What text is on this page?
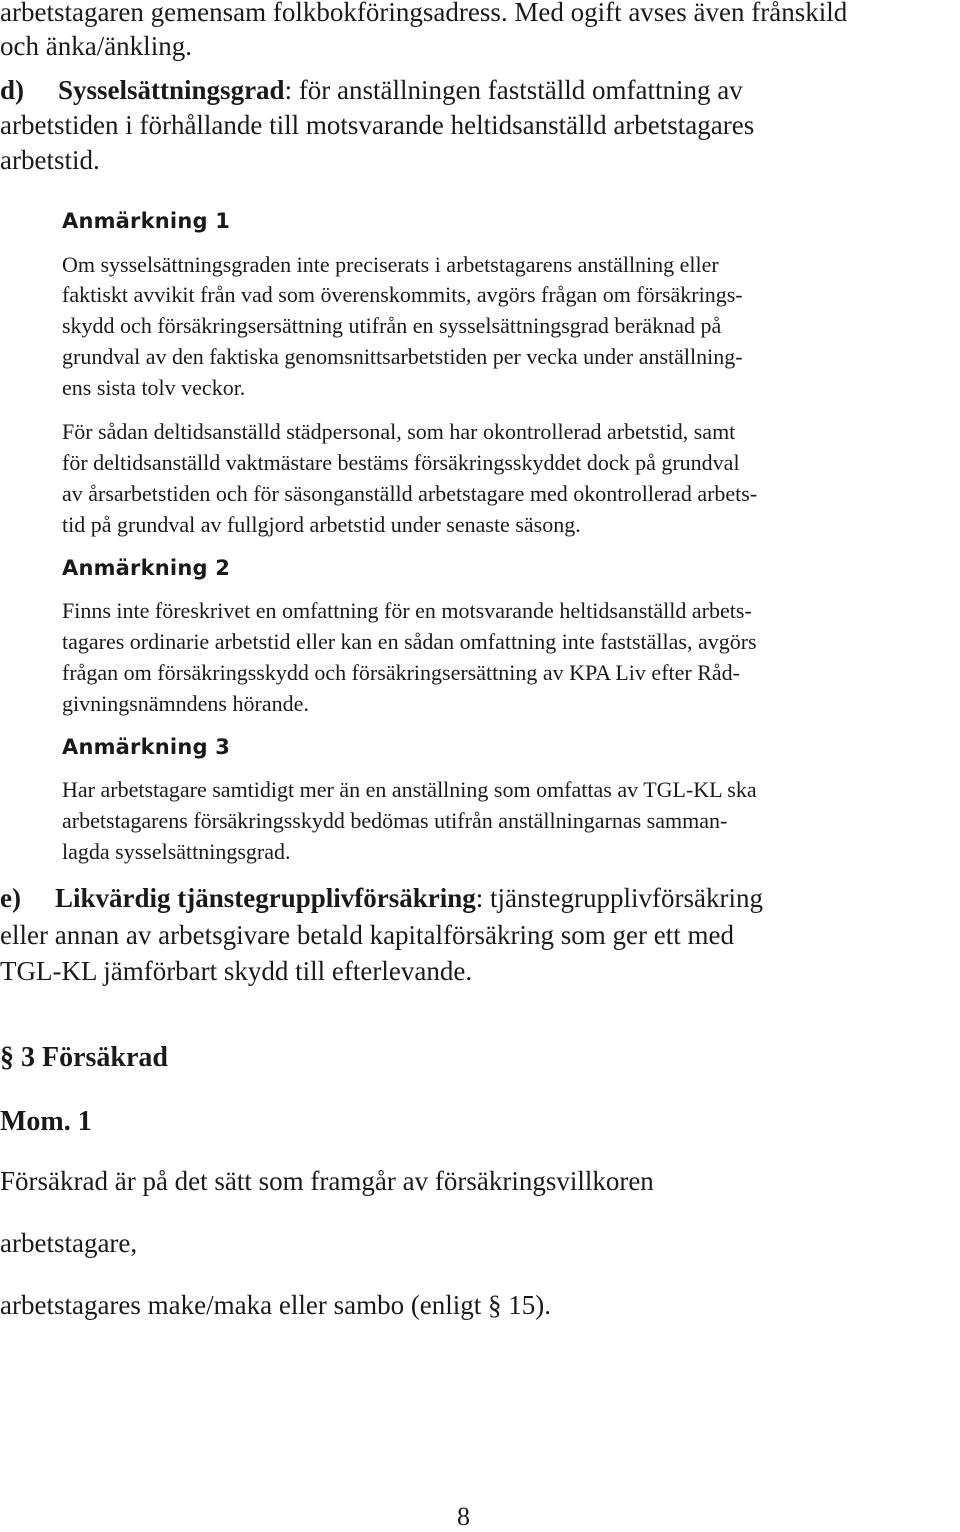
arbetstagaren gemensam folkbokföringsadress. Med ogift avses även frånskild

och änka/änkling.

d) Sysselsättningsgrad: för anställningen fastställd omfattning av

arbetstiden i förhållande till motsvarande heltidsanställd arbetstagares

arbetstid.

Anmärkning 1

Om sysselsättningsgraden inte preciserats i arbetstagarens anställning eller

faktiskt avvikit från vad som överenskommits, avgörs frågan om försäkrings-

skydd och försäkringsersättning utifrån en sysselsättningsgrad beräknad på

grundval av den faktiska genomsnittsarbetstiden per vecka under anställning-

ens sista tolv veckor.

För sådan deltidsanställd städpersonal, som har okontrollerad arbetstid, samt

för deltidsanställd vaktmästare bestäms försäkringsskyddet dock på grundval

av årsarbetstiden och för säsonganställd arbetstagare med okontrollerad arbets-

tid på grundval av fullgjord arbetstid under senaste säsong.

Anmärkning 2

Finns inte föreskrivet en omfattning för en motsvarande heltidsanställd arbets-

tagares ordinarie arbetstid eller kan en sådan omfattning inte fastställas, avgörs

frågan om försäkringsskydd och försäkringsersättning av KPA Liv efter Råd-

givningsnämndens hörande.

Anmärkning 3

Har arbetstagare samtidigt mer än en anställning som omfattas av TGL-KL ska

arbetstagarens försäkringsskydd bedömas utifrån anställningarnas samman-

lagda sysselsättningsgrad.

e) Likvärdig tjänstegrupplivförsäkring: tjänstegrupplivförsäkring

eller annan av arbetsgivare betald kapitalförsäkring som ger ett med

TGL-KL jämförbart skydd till efterlevande.

§ 3 Försäkrad

Mom. 1

Försäkrad är på det sätt som framgår av försäkringsvillkoren

arbetstagare,

arbetstagares make/maka eller sambo (enligt § 15).

8
